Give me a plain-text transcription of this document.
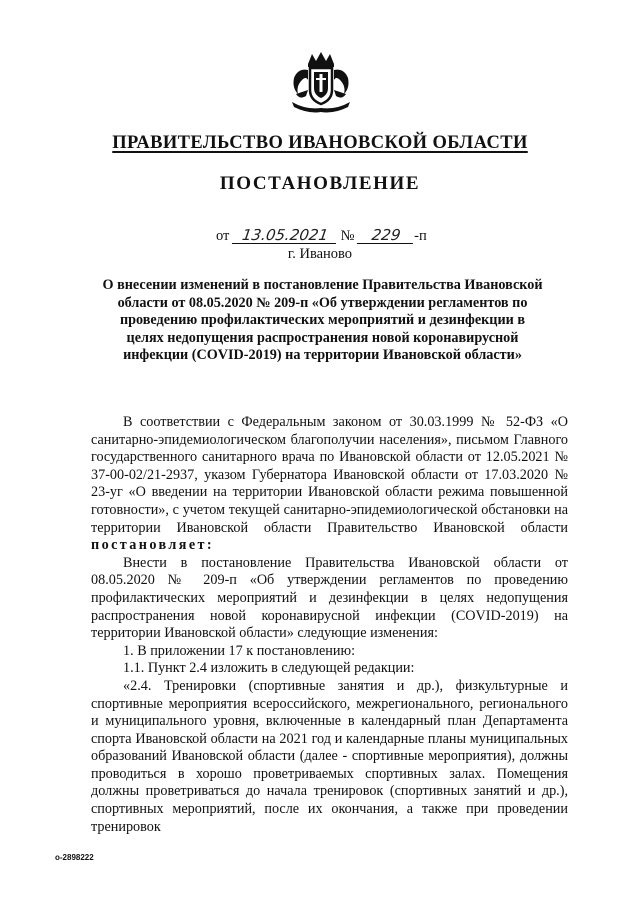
ПРАВИТЕЛЬСТВО ИВАНОВСКОЙ ОБЛАСТИ
ПОСТАНОВЛЕНИЕ
от 13.05.2021 № 229 -п
г. Иваново
О внесении изменений в постановление Правительства Ивановской области от 08.05.2020 № 209-п «Об утверждении регламентов по проведению профилактических мероприятий и дезинфекции в целях недопущения распространения новой коронавирусной инфекции (COVID-2019) на территории Ивановской области»

В соответствии с Федеральным законом от 30.03.1999 № 52-ФЗ «О санитарно-эпидемиологическом благополучии населения», письмом Главного государственного санитарного врача по Ивановской области от 12.05.2021 № 37-00-02/21-2937, указом Губернатора Ивановской области от 17.03.2020 № 23-уг «О введении на территории Ивановской области режима повышенной готовности», с учетом текущей санитарно-эпидемиологической обстановки на территории Ивановской области Правительство Ивановской области постановляет:

Внести в постановление Правительства Ивановской области от 08.05.2020 № 209-п «Об утверждении регламентов по проведению профилактических мероприятий и дезинфекции в целях недопущения распространения новой коронавирусной инфекции (COVID-2019) на территории Ивановской области» следующие изменения:

1. В приложении 17 к постановлению:

1.1. Пункт 2.4 изложить в следующей редакции:

«2.4. Тренировки (спортивные занятия и др.), физкультурные и спортивные мероприятия всероссийского, межрегионального, регионального и муниципального уровня, включенные в календарный план Департамента спорта Ивановской области на 2021 год и календарные планы муниципальных образований Ивановской области (далее - спортивные мероприятия), должны проводиться в хорошо проветриваемых спортивных залах. Помещения должны проветриваться до начала тренировок (спортивных занятий и др.), спортивных мероприятий, после их окончания, а также при проведении тренировок

о-2898222
